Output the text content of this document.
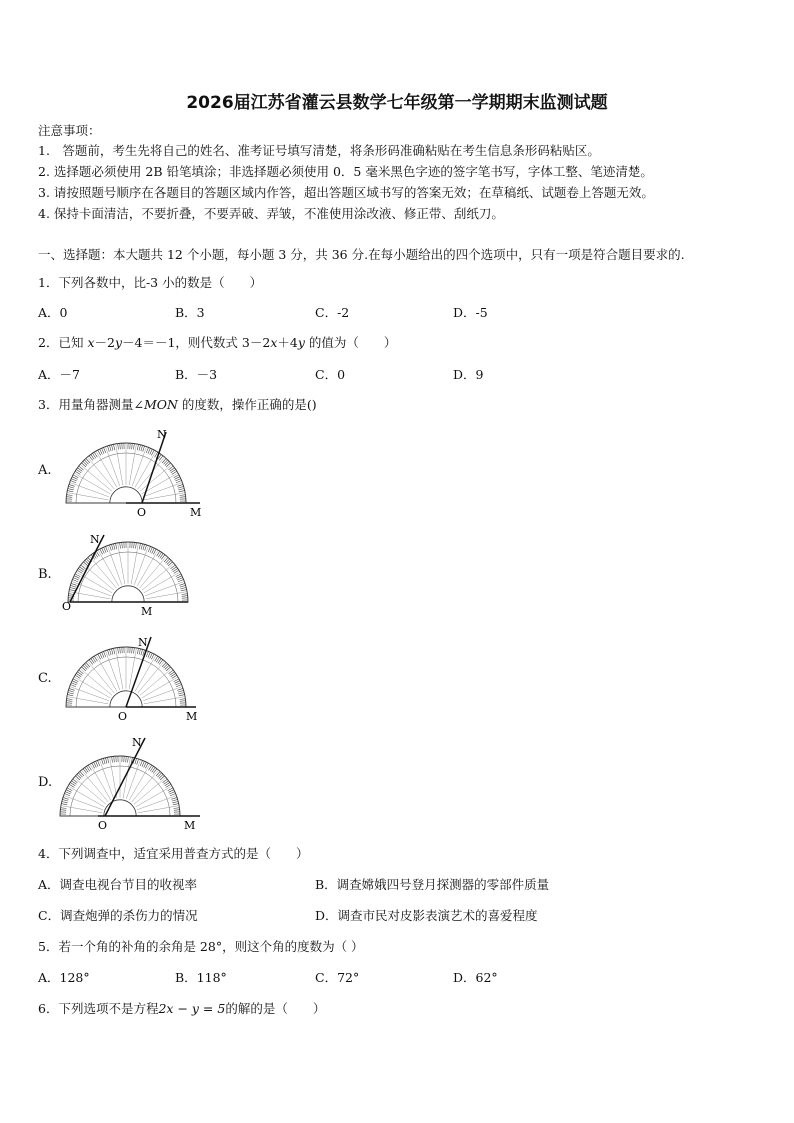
2026届江苏省灌云县数学七年级第一学期期末监测试题
注意事项：
1.　答题前，考生先将自己的姓名、准考证号填写清楚，将条形码准确粘贴在考生信息条形码粘贴区。
2. 选择题必须使用 2B 铅笔填涂；非选择题必须使用 0．5 毫米黑色字迹的签字笔书写，字体工整、笔迹清楚。
3. 请按照题号顺序在各题目的答题区域内作答，超出答题区域书写的答案无效；在草稿纸、试题卷上答题无效。
4. 保持卡面清洁，不要折叠，不要弄破、弄皱，不准使用涂改液、修正带、刮纸刀。
一、选择题：本大题共 12 个小题，每小题 3 分，共 36 分.在每小题给出的四个选项中，只有一项是符合题目要求的.
1．下列各数中，比-3 小的数是（　　）
A．0	B．3	C．-2	D．-5
2．已知 x－2y－4＝－1，则代数式 3－2x＋4y 的值为（　　）
A．－7	B．－3	C．0	D．9
3．用量角器测量∠MON 的度数，操作正确的是()
A.
B.
C.
D.
O	M
N
O	M
N
O	M
N
O	M
N
4．下列调查中，适宜采用普查方式的是（　　）
A．调查电视台节目的收视率	B．调查嫦娥四号登月探测器的零部件质量
C．调查炮弹的杀伤力的情况	D．调查市民对皮影表演艺术的喜爱程度
5．若一个角的补角的余角是 28°，则这个角的度数为（ ）
A．128°	B．118°	C．72°	D．62°
6．下列选项不是方程2x − y = 5的解的是（　　）
